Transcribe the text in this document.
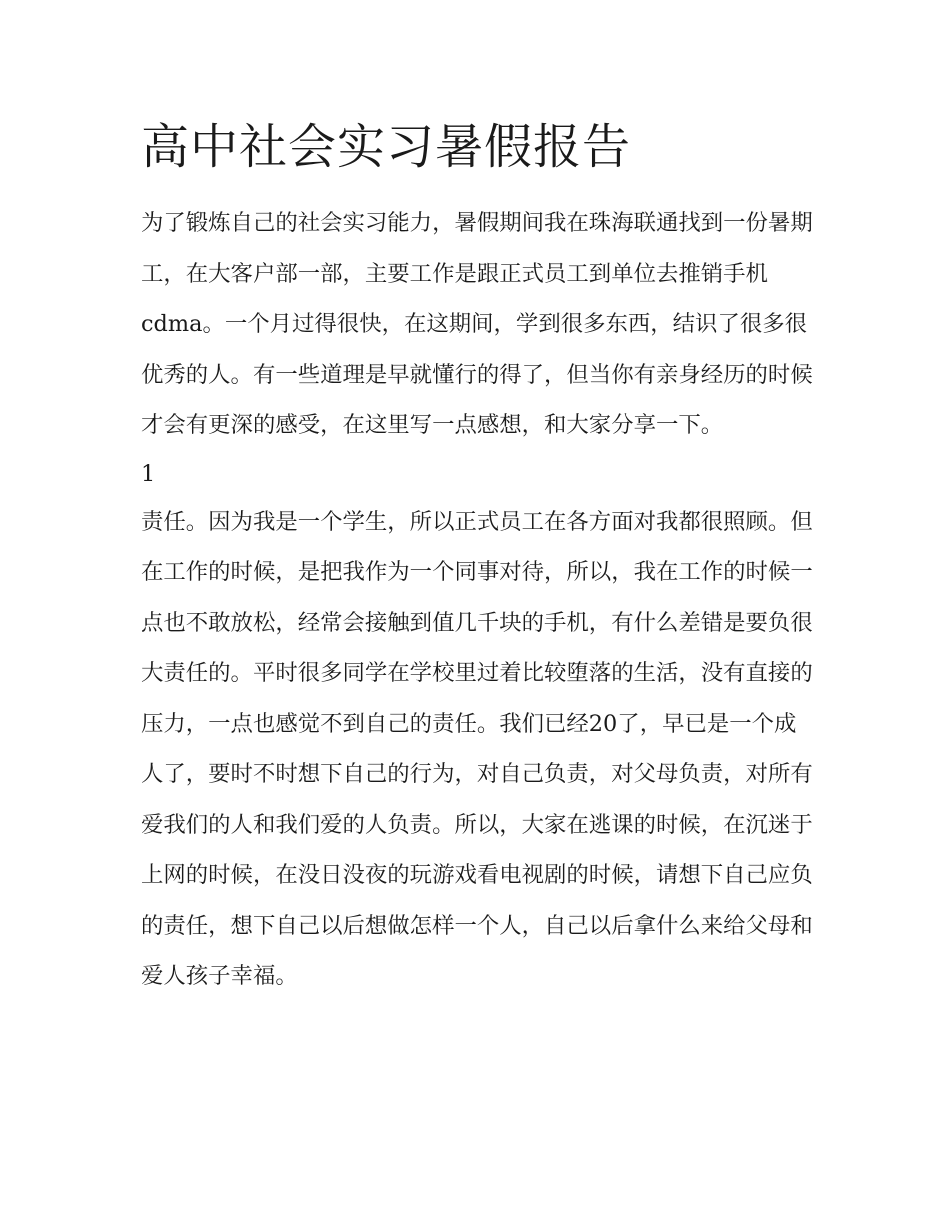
高中社会实习暑假报告

为了锻炼自己的社会实习能力，暑假期间我在珠海联通找到一份暑期工，在大客户部一部，主要工作是跟正式员工到单位去推销手机cdma。一个月过得很快，在这期间，学到很多东西，结识了很多很优秀的人。有一些道理是早就懂行的得了，但当你有亲身经历的时候才会有更深的感受，在这里写一点感想，和大家分享一下。

1

责任。因为我是一个学生，所以正式员工在各方面对我都很照顾。但在工作的时候，是把我作为一个同事对待，所以，我在工作的时候一点也不敢放松，经常会接触到值几千块的手机，有什么差错是要负很大责任的。平时很多同学在学校里过着比较堕落的生活，没有直接的压力，一点也感觉不到自己的责任。我们已经20了，早已是一个成人了，要时不时想下自己的行为，对自己负责，对父母负责，对所有爱我们的人和我们爱的人负责。所以，大家在逃课的时候，在沉迷于上网的时候，在没日没夜的玩游戏看电视剧的时候，请想下自己应负的责任，想下自己以后想做怎样一个人，自己以后拿什么来给父母和爱人孩子幸福。
